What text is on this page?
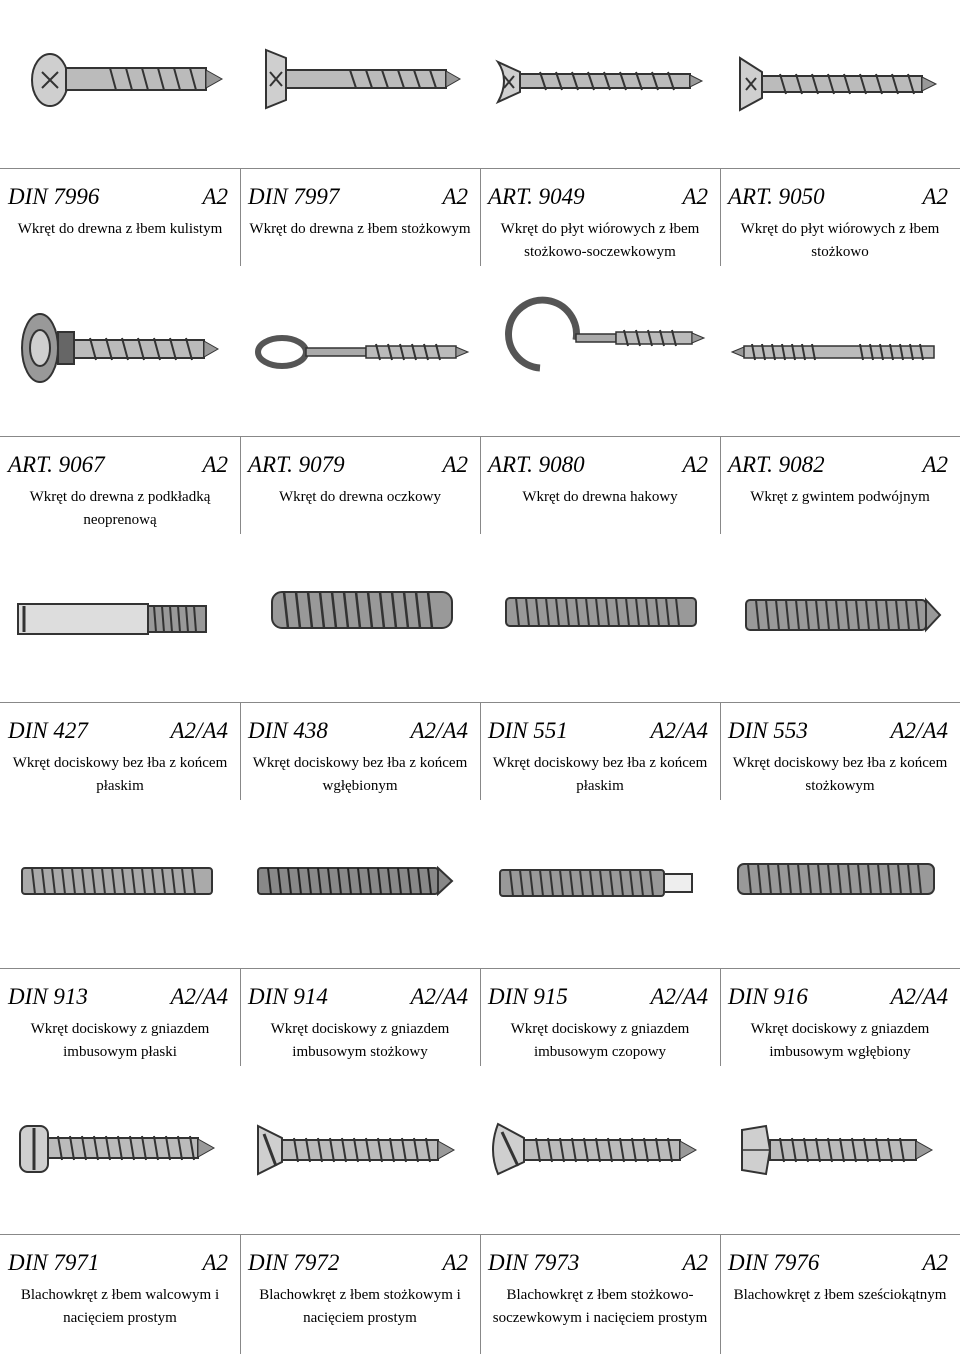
DIN 7996	A2
Wkręt do drewna z łbem kulistym
DIN 7997	A2
Wkręt do drewna z łbem stożkowym
ART. 9049	A2
Wkręt do płyt wiórowych z łbem stożkowo-soczewkowym
ART. 9050	A2
Wkręt do płyt wiórowych z łbem stożkowo
ART. 9067	A2
Wkręt do drewna z podkładką neoprenową
ART. 9079	A2
Wkręt do drewna oczkowy
ART. 9080	A2
Wkręt do drewna hakowy
ART. 9082	A2
Wkręt z gwintem podwójnym
DIN 427	A2/A4
Wkręt dociskowy bez łba z końcem płaskim
DIN 438	A2/A4
Wkręt dociskowy bez łba z końcem wgłębionym
DIN 551	A2/A4
Wkręt dociskowy bez łba z końcem płaskim
DIN 553	A2/A4
Wkręt dociskowy bez łba z końcem stożkowym
DIN 913	A2/A4
Wkręt dociskowy z gniazdem imbusowym płaski
DIN 914	A2/A4
Wkręt dociskowy z gniazdem imbusowym stożkowy
DIN 915	A2/A4
Wkręt dociskowy z gniazdem imbusowym czopowy
DIN 916	A2/A4
Wkręt dociskowy z gniazdem imbusowym wgłębiony
DIN 7971	A2
Blachowkręt z łbem walcowym i nacięciem prostym
DIN 7972	A2
Blachowkręt z łbem stożkowym i nacięciem prostym
DIN 7973	A2
Blachowkręt z łbem stożkowo-soczewkowym i nacięciem prostym
DIN 7976	A2
Blachowkręt z łbem sześciokątnym
